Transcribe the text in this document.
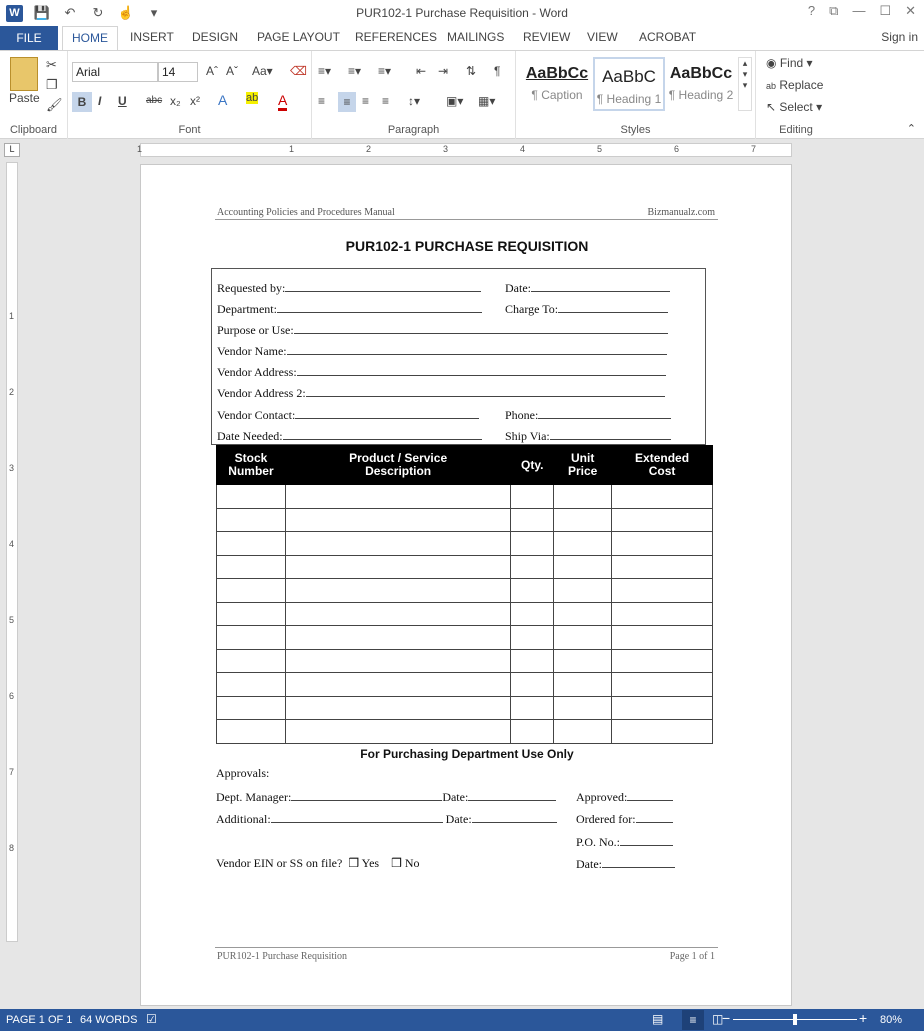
W 💾 ↶ ↻ ☝	▾	PUR102-1 Purchase Requisition - Word	? ⧉ — ☐ ✕
FILE	HOME	INSERT DESIGN PAGE LAYOUT REFERENCES MAILINGS REVIEW VIEW ACROBAT	Sign in
Paste
✂
❐
🖌
Clipboard
Arial	14	Aˆ Aˇ Aa▾ ⌫
B I U abc x₂ x² A ab A
Font
≡▾ ≡▾ ≡▾ ⇤ ⇥ ⇅ ¶
≡	≡ ≡ ≡ ↕▾ ▣▾ ▦▾
Paragraph
AaBbCc
¶ Caption
AaBbC
¶ Heading 1
AaBbCc
¶ Heading 2
▴
▾
▾
Styles
◉ Find ▾
ab Replace
↖ Select ▾
Editing	⌃
L	1	1	2	3	4	5	6	7
1
2
3
4
5
6
7
8
Accounting Policies and Procedures Manual	Bizmanualz.com
PUR102-1 PURCHASE REQUISITION
Requested by:	Date:
Department:	Charge To:
Purpose or Use:
Vendor Name:
Vendor Address:
Vendor Address 2:
Vendor Contact:	Phone:
Date Needed:	Ship Via:
Stock
Number	Product / Service
Description	Qty.	Unit
Price	Extended
Cost

For Purchasing Department Use Only
Approvals:
Dept. Manager:	Date:	Approved:
Additional:	Date:	Ordered for:
P.O. No.:
Vendor EIN or SS on file? ❒ Yes ❒ No	Date:
PUR102-1 Purchase Requisition	Page 1 of 1
PAGE 1 OF 1 64 WORDS ☑	▤	≡	◫
−	+ 80%
